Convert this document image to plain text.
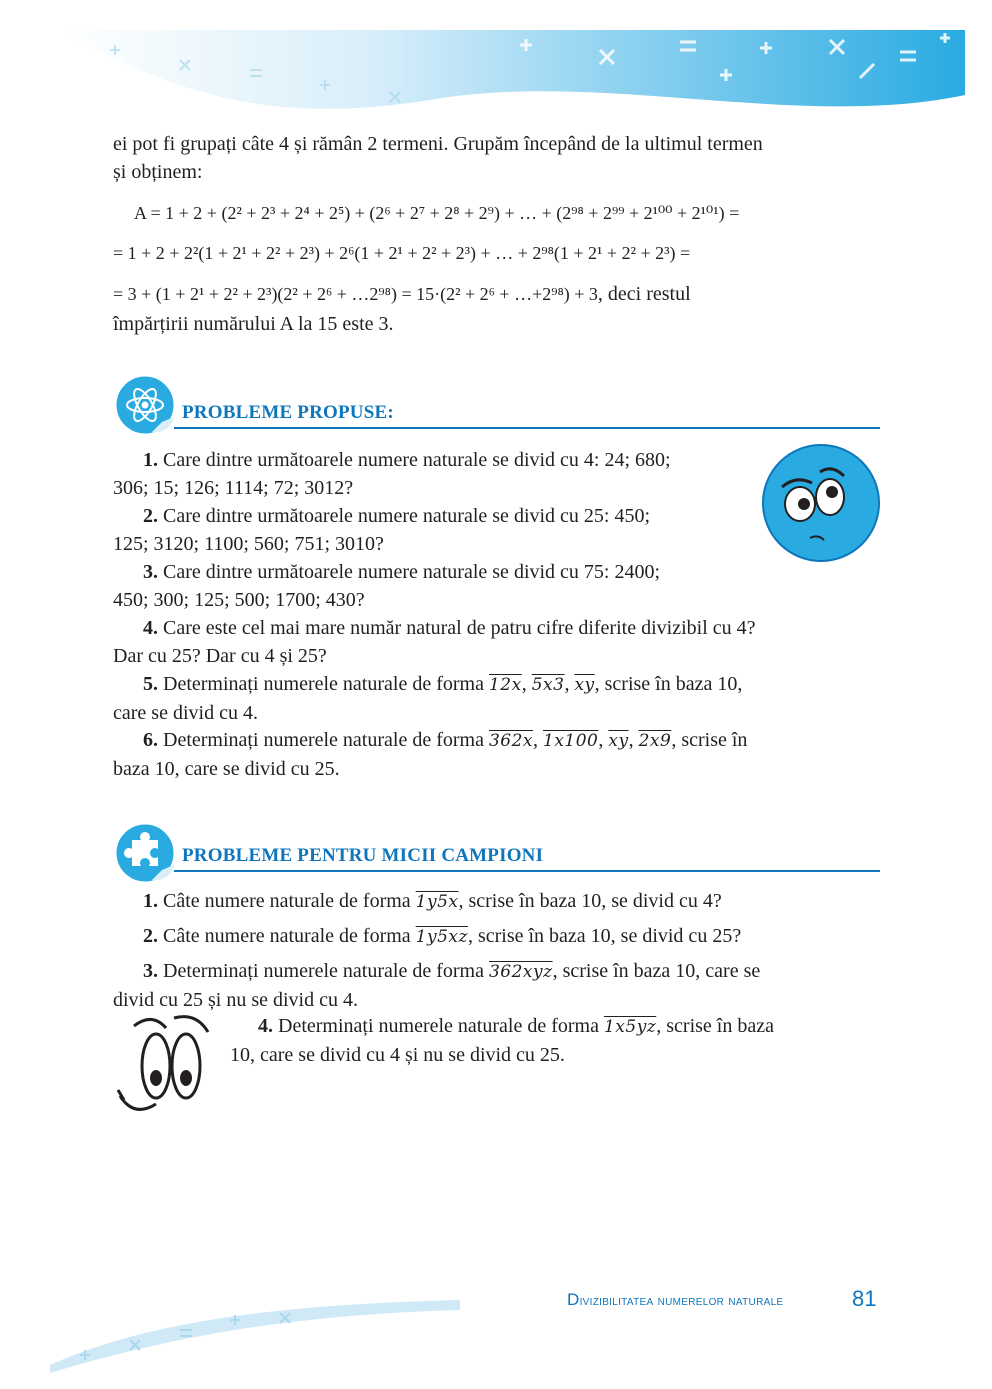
ei pot fi grupați câte 4 și rămân 2 termeni. Grupăm începând de la ultimul termen
și obținem:
A = 1 + 2 + (2² + 2³ + 2⁴ + 2⁵) + (2⁶ + 2⁷ + 2⁸ + 2⁹) + … + (2⁹⁸ + 2⁹⁹ + 2¹⁰⁰ + 2¹⁰¹) =
= 1 + 2 + 2²(1 + 2¹ + 2² + 2³) + 2⁶(1 + 2¹ + 2² + 2³) + … + 2⁹⁸(1 + 2¹ + 2² + 2³) =
= 3 + (1 + 2¹ + 2² + 2³)(2² + 2⁶ + …2⁹⁸) = 15·(2² + 2⁶ + …+2⁹⁸) + 3, deci restul
împărțirii numărului A la 15 este 3.
PROBLEME PROPUSE:
1. Care dintre următoarele numere naturale se divid cu 4: 24; 680;
306; 15; 126; 1114; 72; 3012?
2. Care dintre următoarele numere naturale se divid cu 25: 450;
125; 3120; 1100; 560; 751; 3010?
3. Care dintre următoarele numere naturale se divid cu 75: 2400;
450; 300; 125; 500; 1700; 430?
4. Care este cel mai mare număr natural de patru cifre diferite divizibil cu 4?
Dar cu 25? Dar cu 4 și 25?
5. Determinați numerele naturale de forma 12x, 5x3, $\overline{xy}$, scrise în baza 10,
care se divid cu 4.
6. Determinați numerele naturale de forma 362x, 1x100, $\overline{xy}$, 2x9, scrise în
baza 10, care se divid cu 25.
PROBLEME PENTRU MICII CAMPIONI
1. Câte numere naturale de forma 1y5x, scrise în baza 10, se divid cu 4?
2. Câte numere naturale de forma 1y5xz, scrise în baza 10, se divid cu 25?
3. Determinați numerele naturale de forma 362xyz, scrise în baza 10, care se
divid cu 25 și nu se divid cu 4.
4. Determinați numerele naturale de forma 1x5yz, scrise în baza
10, care se divid cu 4 și nu se divid cu 25.
Divizibilitatea numerelor naturale	81
